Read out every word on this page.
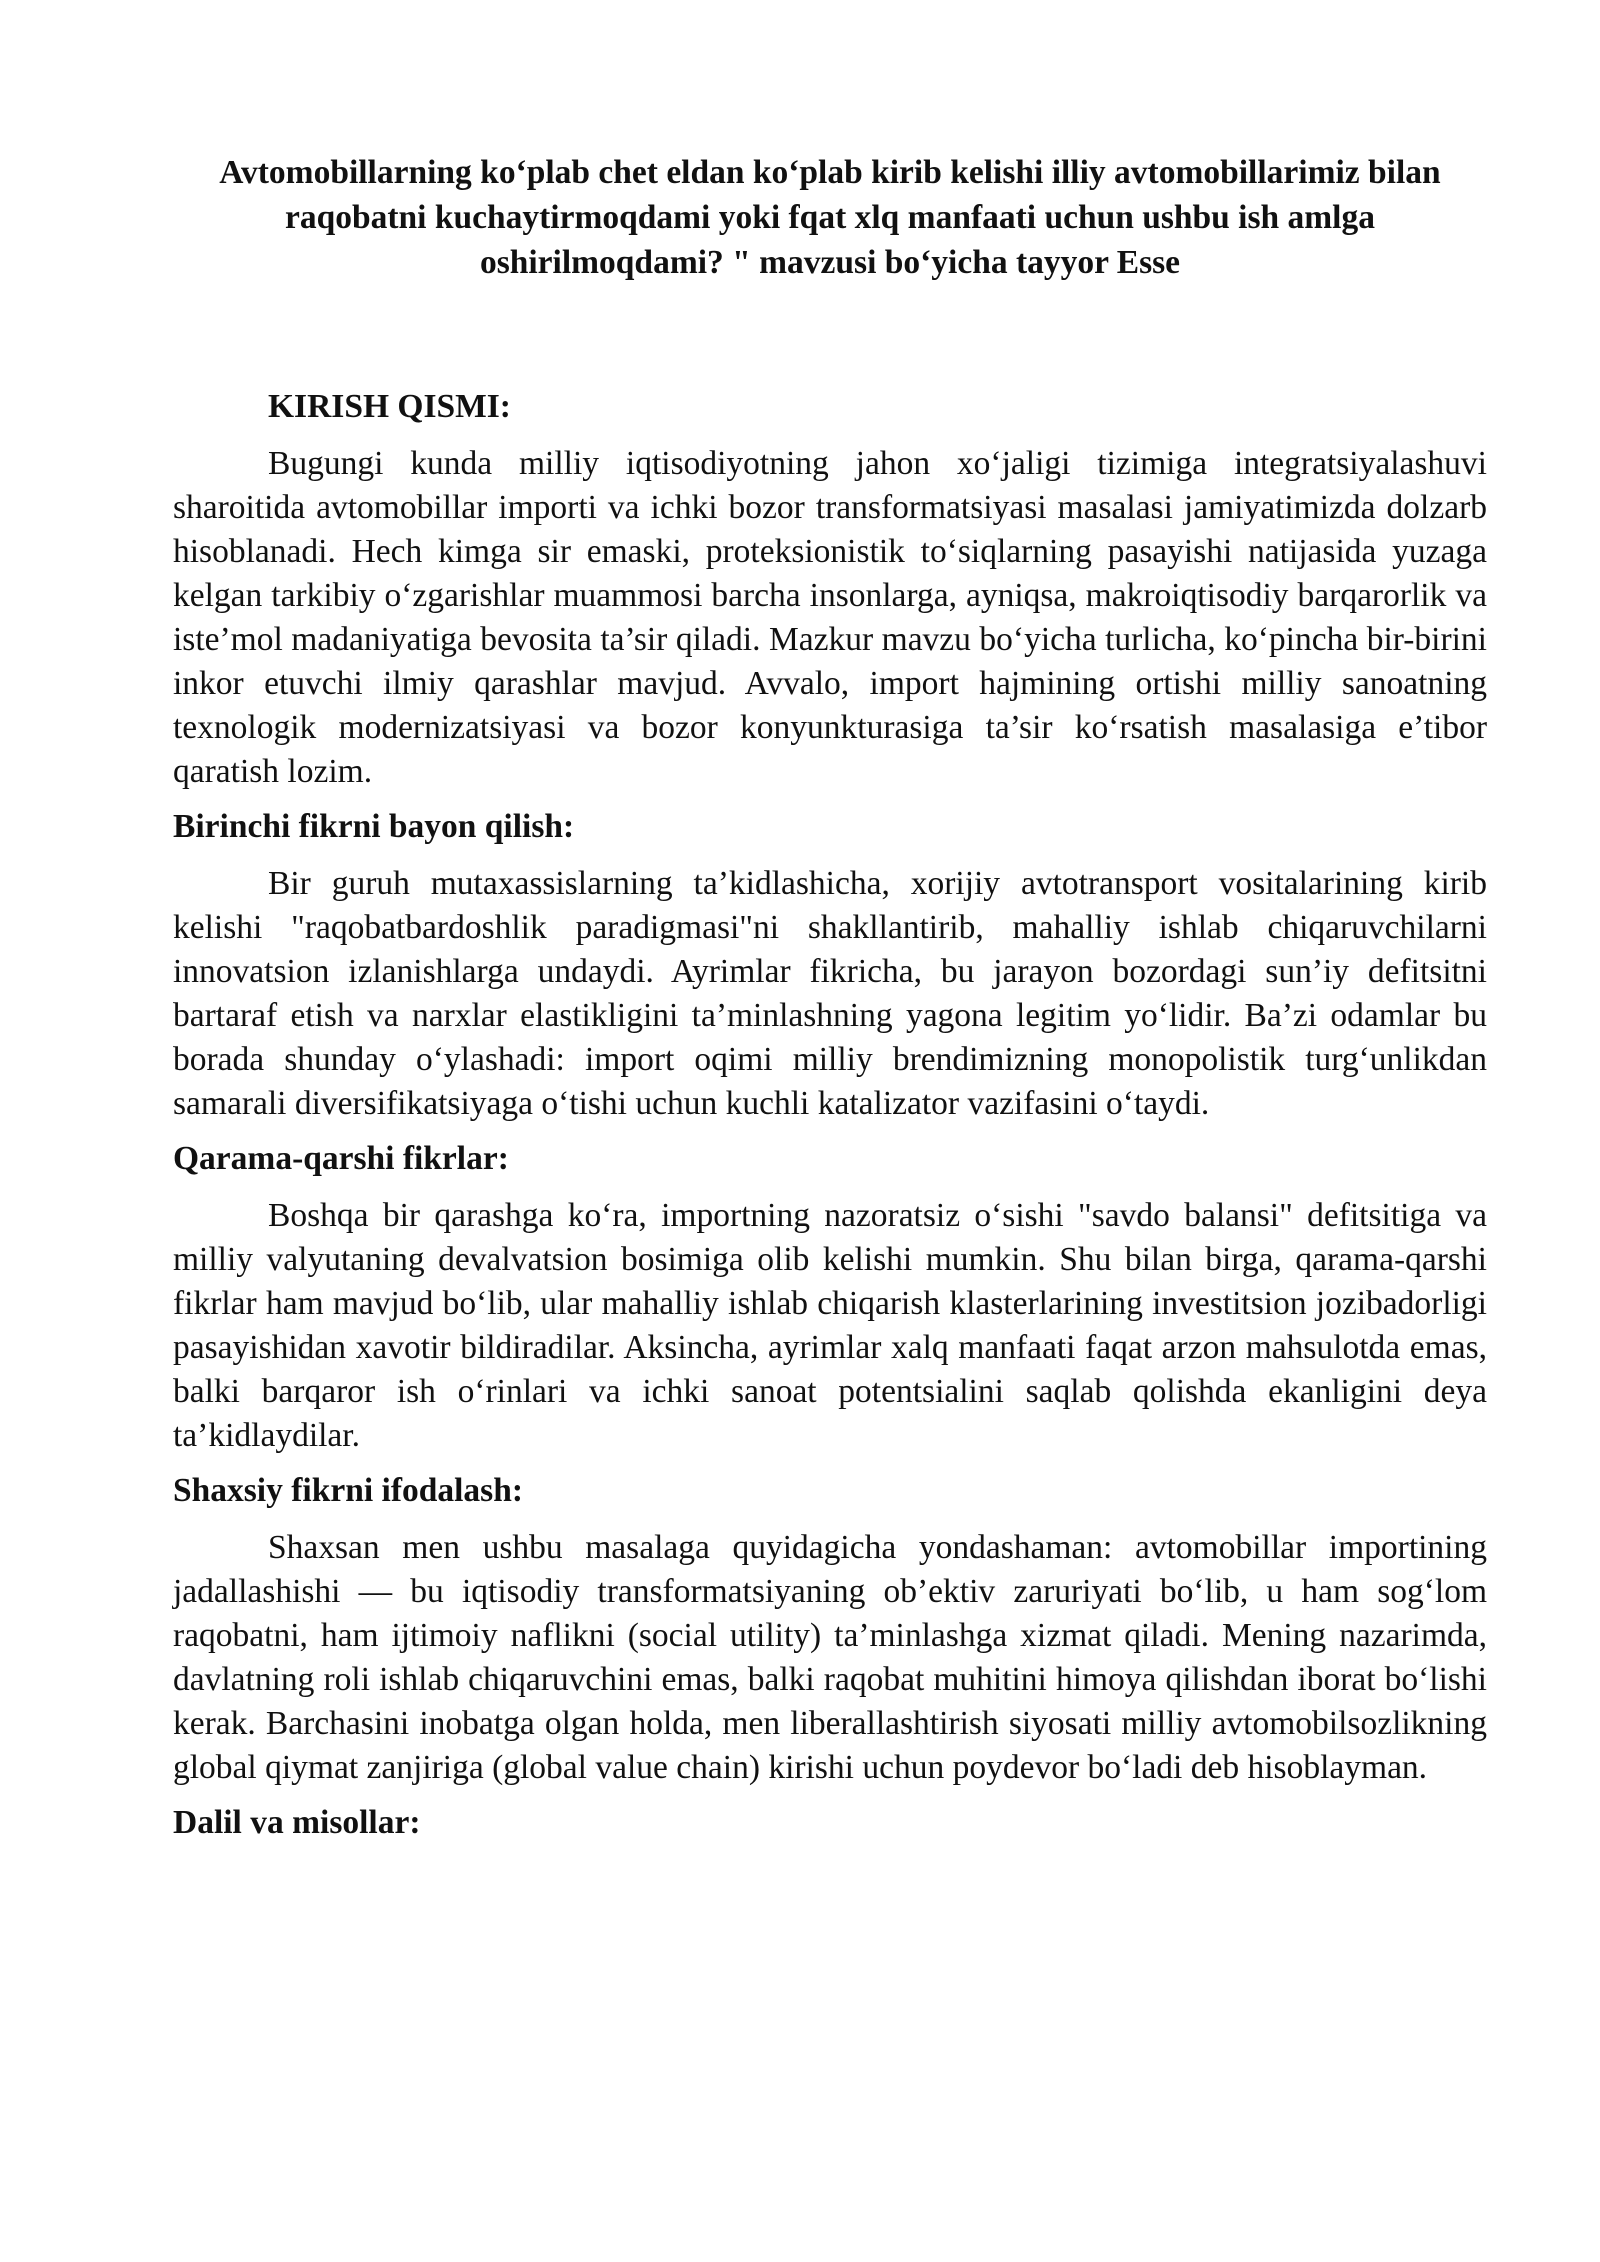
Avtomobillarning ko‘plab chet eldan ko‘plab kirib kelishi illiy avtomobillarimiz bilan raqobatni kuchaytirmoqdami yoki fqat xlq manfaati uchun ushbu ish amlga oshirilmoqdami? " mavzusi bo‘yicha tayyor Esse
KIRISH QISMI:

Bugungi kunda milliy iqtisodiyotning jahon xo‘jaligi tizimiga integratsiyalashuvi sharoitida avtomobillar importi va ichki bozor transformatsiyasi masalasi jamiyatimizda dolzarb hisoblanadi. Hech kimga sir emaski, proteksionistik to‘siqlarning pasayishi natijasida yuzaga kelgan tarkibiy o‘zgarishlar muammosi barcha insonlarga, ayniqsa, makroiqtisodiy barqarorlik va iste’mol madaniyatiga bevosita ta’sir qiladi. Mazkur mavzu bo‘yicha turlicha, ko‘pincha bir-birini inkor etuvchi ilmiy qarashlar mavjud. Avvalo, import hajmining ortishi milliy sanoatning texnologik modernizatsiyasi va bozor konyunkturasiga ta’sir ko‘rsatish masalasiga e’tibor qaratish lozim.

Birinchi fikrni bayon qilish:

Bir guruh mutaxassislarning ta’kidlashicha, xorijiy avtotransport vositalarining kirib kelishi "raqobatbardoshlik paradigmasi"ni shakllantirib, mahalliy ishlab chiqaruvchilarni innovatsion izlanishlarga undaydi. Ayrimlar fikricha, bu jarayon bozordagi sun’iy defitsitni bartaraf etish va narxlar elastikligini ta’minlashning yagona legitim yo‘lidir. Ba’zi odamlar bu borada shunday o‘ylashadi: import oqimi milliy brendimizning monopolistik turg‘unlikdan samarali diversifikatsiyaga o‘tishi uchun kuchli katalizator vazifasini o‘taydi.

Qarama-qarshi fikrlar:

Boshqa bir qarashga ko‘ra, importning nazoratsiz o‘sishi "savdo balansi" defitsitiga va milliy valyutaning devalvatsion bosimiga olib kelishi mumkin. Shu bilan birga, qarama-qarshi fikrlar ham mavjud bo‘lib, ular mahalliy ishlab chiqarish klasterlarining investitsion jozibadorligi pasayishidan xavotir bildiradilar. Aksincha, ayrimlar xalq manfaati faqat arzon mahsulotda emas, balki barqaror ish o‘rinlari va ichki sanoat potentsialini saqlab qolishda ekanligini deya ta’kidlaydilar.

Shaxsiy fikrni ifodalash:

Shaxsan men ushbu masalaga quyidagicha yondashaman: avtomobillar importining jadallashishi — bu iqtisodiy transformatsiyaning ob’ektiv zaruriyati bo‘lib, u ham sog‘lom raqobatni, ham ijtimoiy naflikni (social utility) ta’minlashga xizmat qiladi. Mening nazarimda, davlatning roli ishlab chiqaruvchini emas, balki raqobat muhitini himoya qilishdan iborat bo‘lishi kerak. Barchasini inobatga olgan holda, men liberallashtirish siyosati milliy avtomobilsozlikning global qiymat zanjiriga (global value chain) kirishi uchun poydevor bo‘ladi deb hisoblayman.

Dalil va misollar:
